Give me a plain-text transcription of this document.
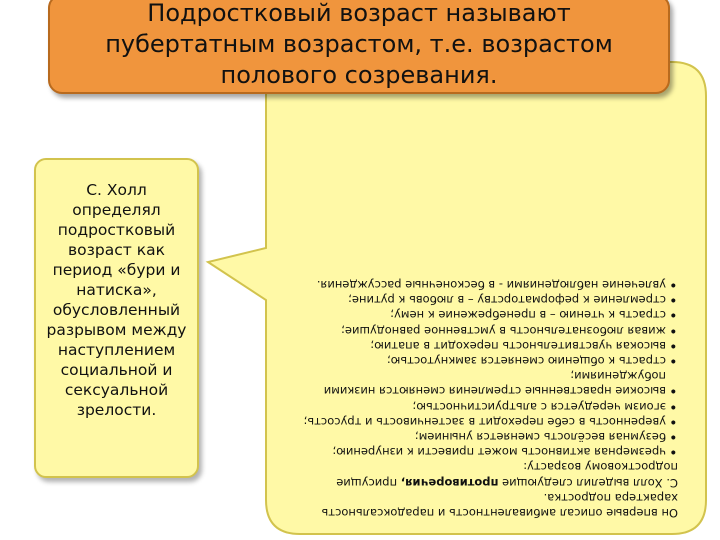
Подростковый возраст называют пубертатным возрастом, т.е. возрастом полового созревания.

С. Холл определял подростковый возраст как период «бури и натиска», обусловленный разрывом между наступлением социальной и сексуальной зрелости.

Он впервые описал амбивалентность и парадоксальность характера подростка.

С. Холл выделил следующие противоречия, присущие подростковому возрасту:

• чрезмерная активность может привести к изнурению;
• безумная весёлость сменяется унынием;
• уверенность в себе переходит в застенчивость и трусость;
• эгоизм чередуется с альтруистичностью;
• высокие нравственные стремления сменяются низкими побуждениями;
• страсть к общению сменяется замкнутостью;
• высокая чувствительность переходит в апатию;
• живая любознательность в умственное равнодушие;
• страсть к чтению – в пренебрежение к нему;
• стремление к реформаторству – в любовь к рутине;
• увлечение наблюдениями - в бесконечные рассуждения.
